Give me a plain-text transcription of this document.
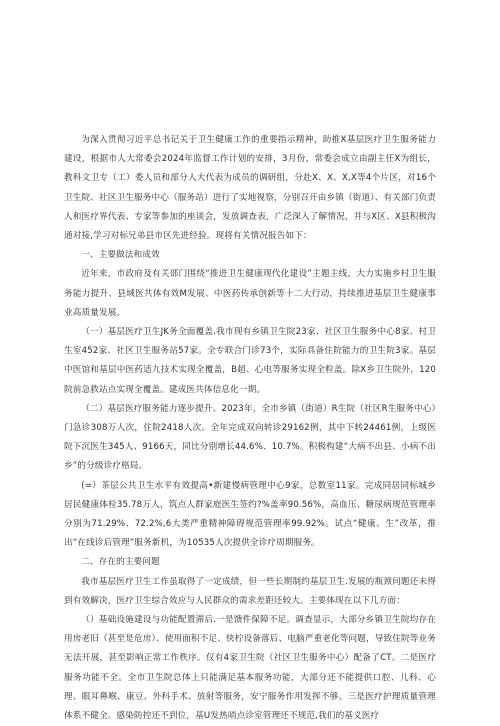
为深入贯彻习近平总书记关于卫生健康工作的重要指示精神，助推X基层医疗卫生服务能力建设，根据市人大常委会2024年监督工作计划的安排，3月份，常委会成立由副主任X为组长，教科文卫专（工）委人员和部分人大代表为成员的调研组，分赴X、X、X,X等4个片区，对16个卫生院、社区卫生服务中心（服务站）进行了实地视察，分别召开由乡镇（街道）、有关部门负责人和医疗界代表、专家等参加的座谈会，发放调查表，广泛深入了解情况，并与X区、X县积极沟通对接,学习对标兄弟县市区先进经验。现将有关情况报告如下：

一、主要做法和成效

近年来，市政府及有关部门围绕“推进卫生健康现代化建设”主题主线，大力实施乡村卫生服务能力提升、县域医共体有效M发展、中医药传承创新等十二大行动，持续推进基层卫生健康事业高质量发展。

（一）基层医疗卫生JK务全面覆盖.我市现有乡镇卫生院23家、社区卫生服务中心8家、村卫生室452家、社区卫生服务站57家。全专联合门诊73个，实际具备住院能力的卫生院3家。基层中医馆和基层中医药适九技术实现全覆盖，B超、心电等服务实现全粒盖。除X乡卫生院外，120院前急救站点实现全覆盖。建成医共体信息化一期。

（二）基层医疗服务能力逐步提升。2023年，全市乡镇（街道）R生院（社区R生服务中心）门急诊308万人次，住院2418人次。全年完成双向转诊29162例，其中下转24461例，上级医院下沉医生345人、9166天，同比分别增长44.6%、10.7%。积极构建“大病不出县、小病不出乡”的分级诊疗格局。

(=）茶层公共卫生水平有效提高•新建慢病管理中心9家，总数室11家。完成同居同标城乡居民健康体检35.78万人，筑点人群家庭医生签约?%盖率90.56%，高血压、糖尿病规范管理率分别为71.29%、72.2%,6大类严重精神障碍规范管理率99.92%。试点“健康。生”改革，推出“在线诊后管理”服务新机，为10535人次提供全诊疗周期服务。

二、存在的主要问题

我市基层医疗卫生工作虽取得了一定成绩，但一些长期制约基层卫生.发展的瓶颈问题还未得到有效解决，医疗卫生综合效应与人民群众的需求差距还较大。主要体现在以下几方面：

（）基础设施建设与功能配置滞后.一是馈件保障不足。调查显示，大部分乡镇卫生院均存在用房老旧（甚至是危房）、使用面积不足、快柠设备落后、电脑严重老化等问题，导致住院等业务无法开展，甚至影响正常工作秩序。仅有4家卫生院（社区卫生服务中心）配备了CT。二是医疗服务功能不全。全市卫生院总体上只能满足基本服务功能，大部分还不能提供口腔、儿科、心理、眼耳鼻喉、康豆、外科手术、放射等服务，安宁服务作用发挥不够。三是医疗护理质量管理体系不健全。感染防控还不到位，基U发热哨点诊室管理还不规范,我们的基义医疗
